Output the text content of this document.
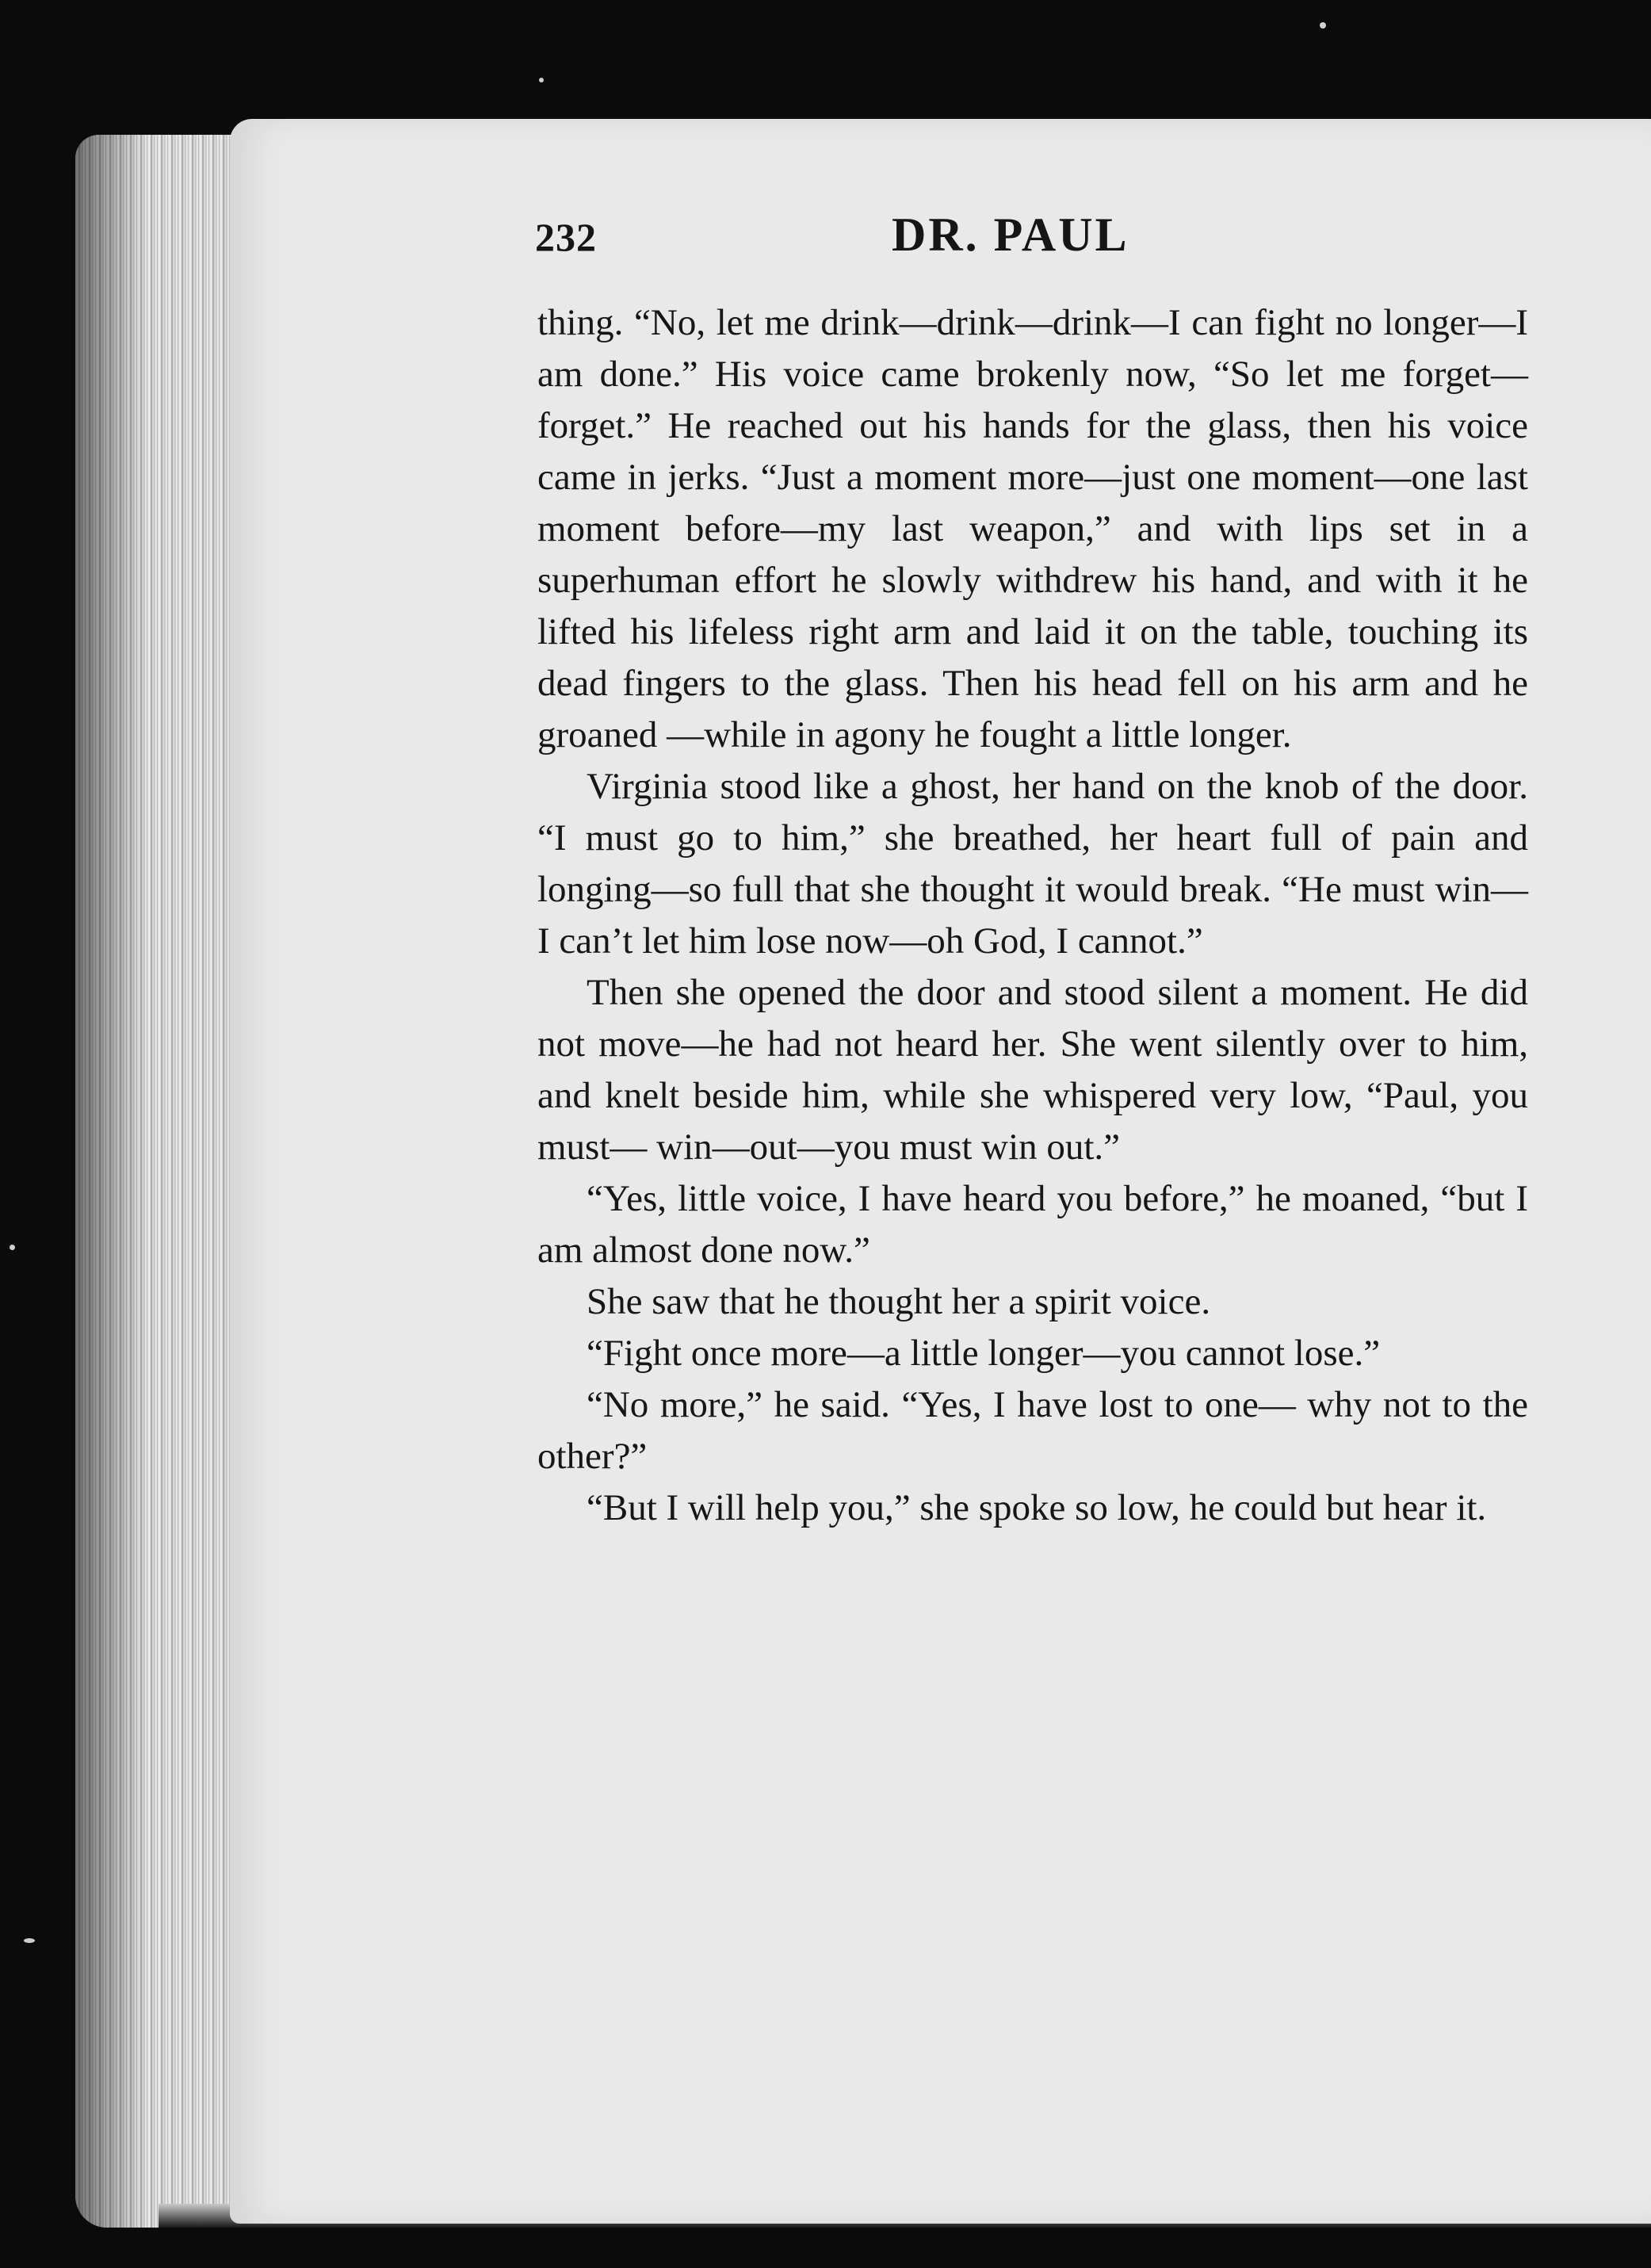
232	DR. PAUL

thing. “No, let me drink—drink—drink—I can fight no longer—I am done.” His voice came brokenly now, “So let me forget—forget.” He reached out his hands for the glass, then his voice came in jerks. “Just a moment more—just one moment—one last moment before—my last weapon,” and with lips set in a superhuman effort he slowly withdrew his hand, and with it he lifted his lifeless right arm and laid it on the table, touching its dead fingers to the glass. Then his head fell on his arm and he groaned —while in agony he fought a little longer.

Virginia stood like a ghost, her hand on the knob of the door. “I must go to him,” she breathed, her heart full of pain and longing—so full that she thought it would break. “He must win—I can’t let him lose now—oh God, I cannot.”

Then she opened the door and stood silent a moment. He did not move—he had not heard her. She went silently over to him, and knelt beside him, while she whispered very low, “Paul, you must— win—out—you must win out.”

“Yes, little voice, I have heard you before,” he moaned, “but I am almost done now.”

She saw that he thought her a spirit voice.

“Fight once more—a little longer—you cannot lose.”

“No more,” he said. “Yes, I have lost to one— why not to the other?”

“But I will help you,” she spoke so low, he could but hear it.
